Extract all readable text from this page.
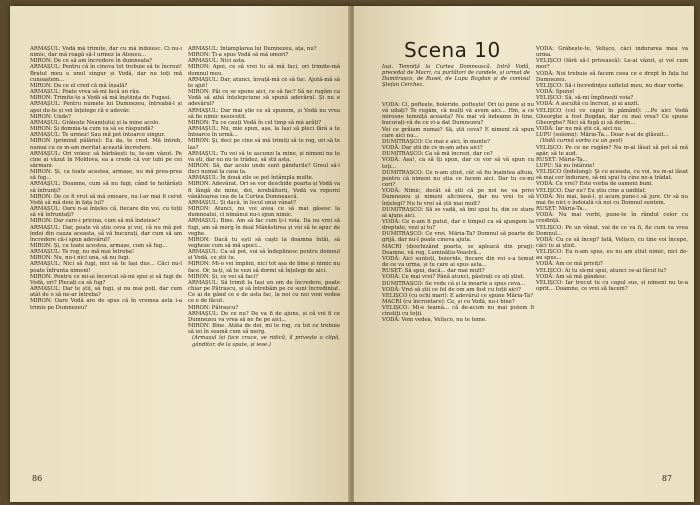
ARMAȘUL: Vodă mă trimite, dar cu mă îndoiesc. Ci nu-i nimic, dar mă roagă să-l urmez la Ateneu...

MIRON: De ce să am încredere în dumneata?

ARMAȘUL: Pentru că în cineva tot trebuie să te încrezi! Bratul meu e unul singur și Vodă, dar nu toți mă cunoaștem...

MIRON: Da ce el cred că mă înșală?

ARMAȘUL: Poate vrea să-mi facă un rău.

MIRON: Trimite-te a Vodă să mă înștiința de Fugasi.

ARMAȘUL: Pentru numele lui Dumnezeu, întreabă-l și apoi du-te și vei înțelege că e adevăr.

MIRON: Unde?

ARMAȘUL: Grăiește Neamțului și la mine acolo.

MIRON: Și domnia-ta cum va să se răspundă?

ARMAȘUL: Te urmez! Sau mă pot întoarce singur.

MIRON (primind pălărie): Ea da, te cred. Mă întreb, numai cu ce m-am meritat această încredere.

ARMAȘUL: Ori voiesc să bărbăești tu, te-am văzut. Pe cine ai văzut în Moldova, ea a crede că vor iubi pe cei sărmani.

MIRON: Și, ca toate acestea, armașe, nu mă prea-prea să fug...

ARMAȘUL: Doamne, cum să nu fugi, când te hotărăști să înfrunți?

MIRON: De ce fi vrut să mă omoare, nu l-ar mai fi cerut Vodă să mă deie în fața lui?

ARMAȘUL: Oare n-ai înțeles că, fiecare din voi, cu toții să vă înfruntați?

MIRON: Dar care-i pricina, cum să mă îndoiesc?

ARMAȘUL: Dar, poate vă știu ceva și voi, că nu mă pot îndoi din cauza aceasta, să vă bucurați, dar cum să am încredere că-i spun adevărul?

MIRON: Și, cu toate acestea, armașe, cum să fug...

ARMAȘUL: Te rog, nu mă mai întreba!

MIRON: Nu, nu-i nici una, să nu fugi.

ARMAȘUL: Nici să fugi, nici să te lași dus... Căci nu-l poate înfrunta nimeni!

MIRON: Pentru ce mi-ai încercat să-mi spui și să fugi de Vodă, ori? Plecați ca să fug?

ARMAȘUL: Dar te știi, să fugi, și nu mai poți, dar cum atât de o să ne-ar întreba?

MIRON: Oare Vodă are de spus că în vremea asta i-a trimis pe Dumnezeu?

ARMAȘUL: Întâmplarea lui Dumnezeu, ața, nu?

MIRON: Ți-a spus Vodă să mă omori?

ARMAȘUL: Nici asta.

MIRON: Apoi, ce să vrei tu să mă faci, ori trimite-mă domnul meu.

ARMAȘUL: Dar, atunci, învață-mă ce să fac. Ajută-mă să te ajut!

MIRON: Păi ce se spune aici, ce să fac? Să ne rugăm ca Vodă să aibă înțelepciune să spună adevărul. Și nu e adevărul?

ARMAȘUL: Dar mai știe ce să spunem, și Vodă nu vrea să fie nimic nesocotit.

MIRON: Tu ce cauți Vodă în cel timp să mă arăți?

ARMAȘUL: Nu, mie spun, așa, la Iași să pleci fără a te întoarce în urmă...

MIRON: Și, deci pe cine să mă trimiți să te rog, ori să te las?

ARMAȘUL: Tu vei să te ascunzi la mine, și nimeni nu te va ști, dar eu nu te trădez, să stii asta.

MIRON: Să, dar acolo unde sunt gândurile? Greul să-l duci numai la casa ta.

ARMAȘUL: În două zile se pot întâmpla multe.

MIRON: Adevărat. Ori se vor deschide poarta și Vodă va fi lângă de mine, doi, ierebăitorii, Vodă va reporni vânătoarea cea de la Curtea Domnească.

ARMAȘUL: Și dacă, în locul unui vânat?

MIRON: Atunci, nu voi avea ce să mai găsesc la dumnealui, ci nimănui nu-i spun nimic.

ARMAȘUL: Bine. Am să fac cum ți-i voia. Da nu vrei să fugi, am să merg în deal Mânăstirea și voi să te apuc de veghe.

MIRON: Dacă tu ești să caști la doamna întâi, să vegheze cum să mă apuci...

ARMAȘUL: Ca să pot, voi să îndeplinesc pentru domnul și Vodă, ce știi tu.

MIRON: Mi-o vei împlini, nici tot așa de bine și nimic nu face. Or, ia-ți, să te vezi să dormi să înțelegi de aici.

MIRON: Și, ce vei să faci?

ARMAȘUL: Să trimit la Iași un om de încredere, poate chiar pe Pătrașcu, și să întrebăm pe ce sunt încredințat. Ce ai de gând ce e de asta fac, la noi cu noi vom vedea ce e de făcut.

MIRON: Pătrașcu?

ARMAȘUL: De ce nu? De va fi de ajuns, și că voi fi ce Dumnezeu va vrea să ne fie pe aici...

MIRON: Bine. Atâta de doi, mi te rog, cu tot ce trebuie să iei în seamă cum să merg.

(Armașul își face cruce, se ridică, îl privește o clipă, gânditor, de la spate, și iese.)

86
Scena 10
Iași. Temniță la Curtea Domnească. Intră Vodă, precedat de Macri, cu purtători de candele, și urmat de Dumitrașco, de Ruset, de Lupu Bogdan și de comisul Ștefan Cerchez.

VODĂ: Ci, poftește, boieride, poftește! Ori își pune și nu vă uitați? Te rugăm, că mulți vă avem aici... Hm, a ce mirosne temniță aceasta? Nu mai vă îndeamn în tine, bucurați-vă de ce vi-a dat Dumnezeu?

Vei ce grăiam numai? Să, știi ceva? E nimeni că spun care aici nu...

DUMITRAȘCO: Ce mai e aici, în munte?

VODĂ: Dar știi de ce m-am adus aici?

DUMITRAȘCO: Ca să mă încrezi, dar ce?

VODĂ: Așa!, ca să îți spun, dar ce vor să vă spun cu toți...

DUMITRAȘCO: Ce n-am știut, cât să fiu înaintea altuia, pentru că nimeni nu știa ce facem aici. Dar tu ce-mi ceri?

VODĂ: Nimic, decât să știi că pe noi ne va privi Dumnezeu și nimeni altcineva, dar nu vrei tu să înțelegi? Nu tu vrei să știi mai mult?

DUMITRAȘCO: Să se vadă, să îmi spui tu, din ce stare ai ajuns aici.

VODĂ: Ce n-am fi putut, dar e timpul ca să ajungem la dreptate, vezi și tu?

DUMITRAȘCO: Ce vrei, Măria-Ta? Domnul să poarte de grijă, dar nu-l poate cineva ajuta.

MACRI (deschizând poarta, se apleacă din prag): Doamne, vă rog, Luminăția-Voastră...

VODĂ: Aici sunteți, boieride, fiecare din voi s-a temut de ce va urma, și tu care ai spus asta...

RUSET: Să spui, dacă... dar mai mult?

VODĂ: Ce mai vrei? Până atunci, păstrați ce ați știut.

DUMITRAȘCO: Se vede că și la moarte a spus ceva...

VODĂ: Vrei să știi ce fel de om am fost cu toții aici?

VELIȘCO (cu ochi mari): E adevărul ce spune Măria-Ta?

MACRI (cu încruntare): Ce, și cu Vodă, nu-i bine?

VELIȘCO: Mi-e teamă... că de-acum nu mai putem fi cinstiți cu toții.

VODĂ: Vom vedea, Velișco, nu te teme.

VODĂ: Grăbește-te, Velișco, căci îndurarea mea va urma.

VELIȘCO (fără să-l privească): Le-ai văzut, și voi cum mor?

VODĂ: Noi trebuie să facem ceea ce e drept în fața lui Dumnezeu.

VELIȘCO: Să-i încredinţez sufletul meu, nu doar vorbe.

VODĂ: Spune!

VELIȘCO: Să, să-mi împlinești voia?

VODĂ: A ascultă cu încrezi, și ai auzit.

VELIȘCO (cel ce capul în pământ): ...Pe aici Vodă Gheorghe a fost Bogdan, dar ce mai vrea? Ce spune Gheorghe? Nici să fugă și să dorim...

VODĂ: Iar nu mă știi că, aici nu.

LUPU (solemn): Măria-Ta... Doar n-ai de glăsuit...

(Vodă curmă vorba cu un gest)

VELIȘCO: Pe ce ne rugăm? Nu m-ai lăsat să pot să mă apăr, să te aud.

RUSET: Măria-Ta...

LUPU: Să nu întârzie!

VELIȘCO (îndelung): Și cu aceasta, cu voi, nu m-ai lăsat să mai cer îndurare, să-mi spui tu cine ne-a trădat.

VODĂ: Ce vrei? Este vorba de oameni buni.

VELIȘCO: Dar eu? Eu știu cine a umblat.

VODĂ: Nu mai, lasă-l, și acum pune-i să jure. Or să nu mai fie nici o îndoială că noi cu Domnul suntem.

RUSET: Măria-Ta...

VODĂ: Nu mai vorbi, pune-te în rândul celor cu credință.

VELIȘCO: Pe un vânat, vai de ce va fi, fie cum va vrea Domnul...

VODĂ: Cu ce să încep? Iată, Velișco, cu tine voi începe, căci tu ai știut.

VELIȘCO: Eu n-am spus, eu nu am știut nimic, nici de-au spus...

VODĂ: Am ce mă priviți?

VELIȘCO: Ai tu să-mi spui, atunci ce-ai făcut tu?

VODĂ: Am să mă gândesc.

VELIȘCO: Iar trecut tu cu capul sus, și nimeni nu te-a oprit... Doamne, ce vrei să facem?

87
